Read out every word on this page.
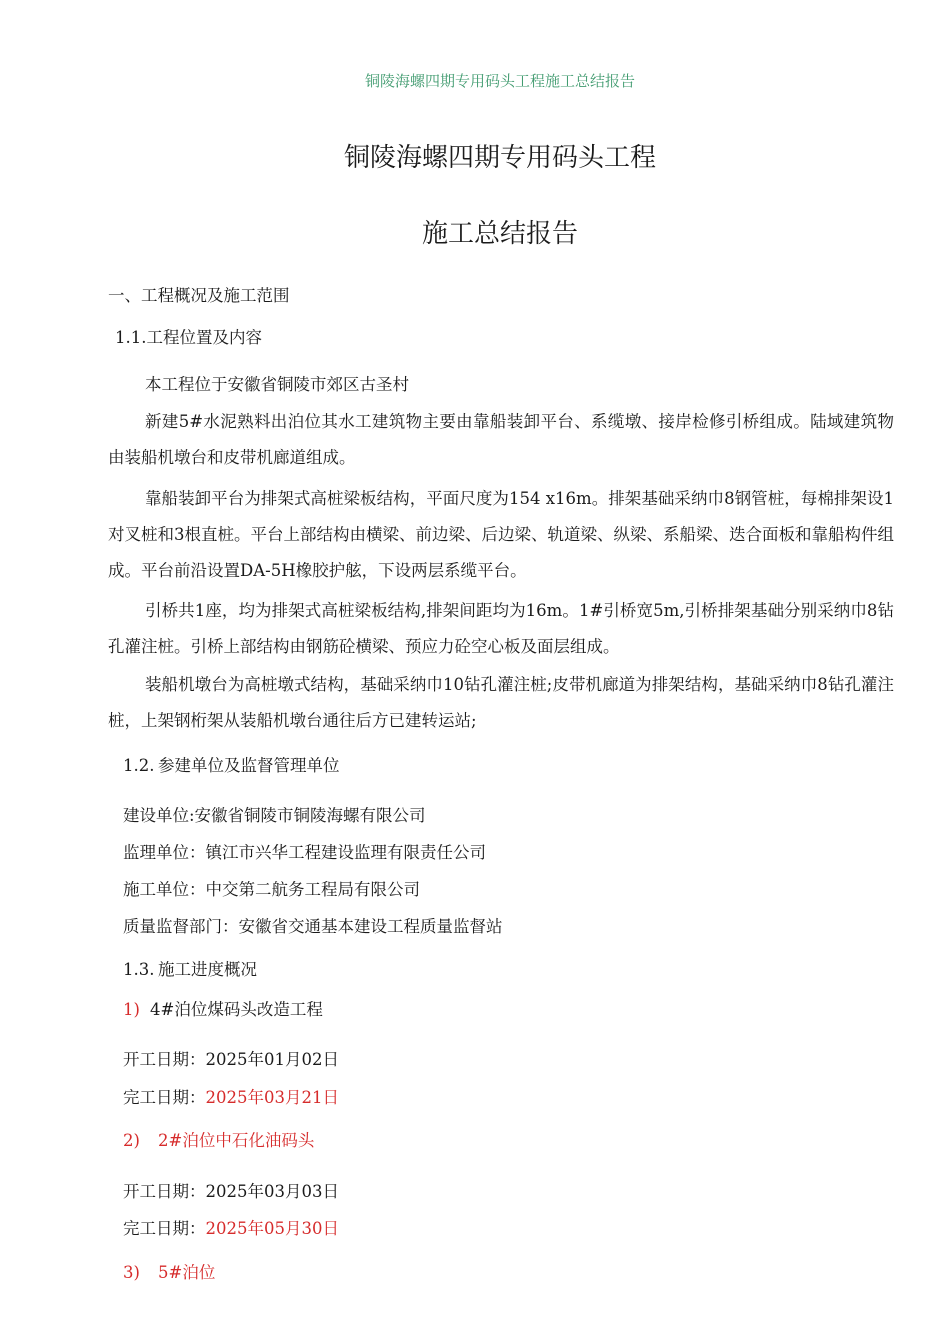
铜陵海螺四期专用码头工程施工总结报告
铜陵海螺四期专用码头工程
施工总结报告
一、工程概况及施工范围
1.1.工程位置及内容
本工程位于安徽省铜陵市郊区古圣村
新建5#水泥熟料出泊位其水工建筑物主要由靠船装卸平台、系缆墩、接岸检修引桥组成。陆域建筑物由装船机墩台和皮带机廊道组成。
靠船装卸平台为排架式高桩梁板结构，平面尺度为154 x16m。排架基础采纳巾8钢管桩，每棉排架设1对叉桩和3根直桩。平台上部结构由横梁、前边梁、后边梁、轨道梁、纵梁、系船梁、迭合面板和靠船构件组成。平台前沿设置DA-5H橡胶护舷，下设两层系缆平台。
引桥共1座，均为排架式高桩梁板结构,排架间距均为16m。1#引桥宽5m,引桥排架基础分别采纳巾8钻孔灌注桩。引桥上部结构由钢筋砼横梁、预应力砼空心板及面层组成。
装船机墩台为高桩墩式结构，基础采纳巾10钻孔灌注桩;皮带机廊道为排架结构，基础采纳巾8钻孔灌注桩，上架钢桁架从装船机墩台通往后方已建转运站;
1.2. 参建单位及监督管理单位
建设单位:安徽省铜陵市铜陵海螺有限公司
监理单位：镇江市兴华工程建设监理有限责任公司
施工单位：中交第二航务工程局有限公司
质量监督部门：安徽省交通基本建设工程质量监督站
1.3. 施工进度概况
1) 4#泊位煤码头改造工程
开工日期：2025年01月02日
完工日期：2025年03月21日
2) 2#泊位中石化油码头
开工日期：2025年03月03日
完工日期：2025年05月30日
3) 5#泊位
